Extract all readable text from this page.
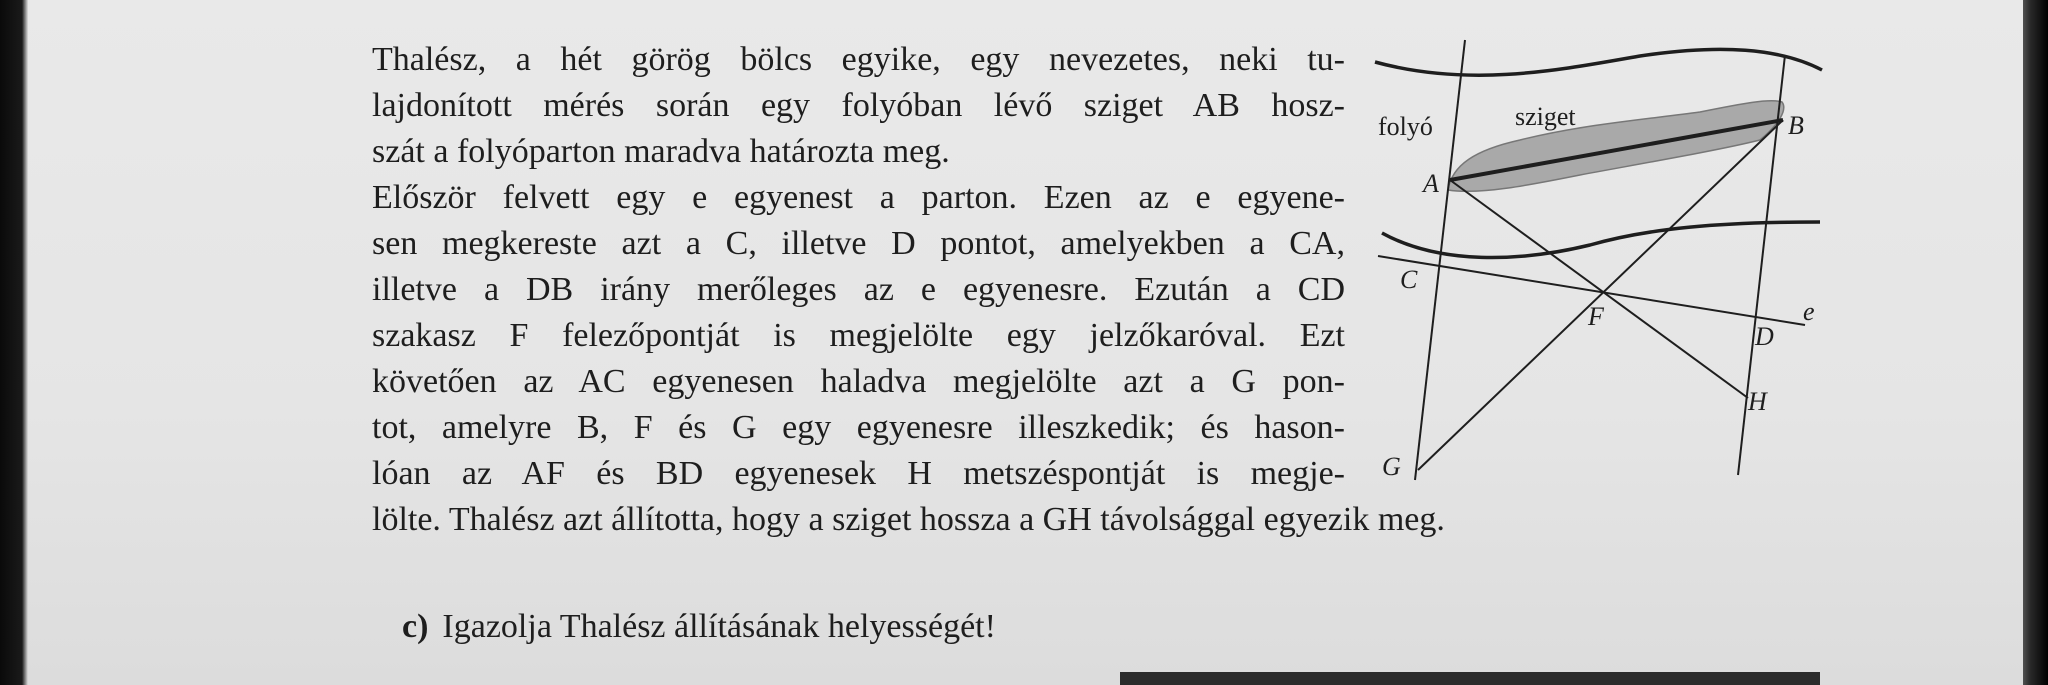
Thalész, a hét görög bölcs egyike, egy nevezetes, neki tu-
lajdonított mérés során egy folyóban lévő sziget AB hosz-
szát a folyóparton maradva határozta meg.
Először felvett egy e egyenest a parton. Ezen az e egyene-
sen megkereste azt a C, illetve D pontot, amelyekben a CA,
illetve a DB irány merőleges az e egyenesre. Ezután a CD
szakasz F felezőpontját is megjelölte egy jelzőkaróval. Ezt
követően az AC egyenesen haladva megjelölte azt a G pon-
tot, amelyre B, F és G egy egyenesre illeszkedik; és hason-
lóan az AF és BD egyenesek H metszéspontját is megje-
lölte. Thalész azt állította, hogy a sziget hossza a GH távolsággal egyezik meg.
folyó	sziget
A
B
C
F
D
e
H
G
c) Igazolja Thalész állításának helyességét!
